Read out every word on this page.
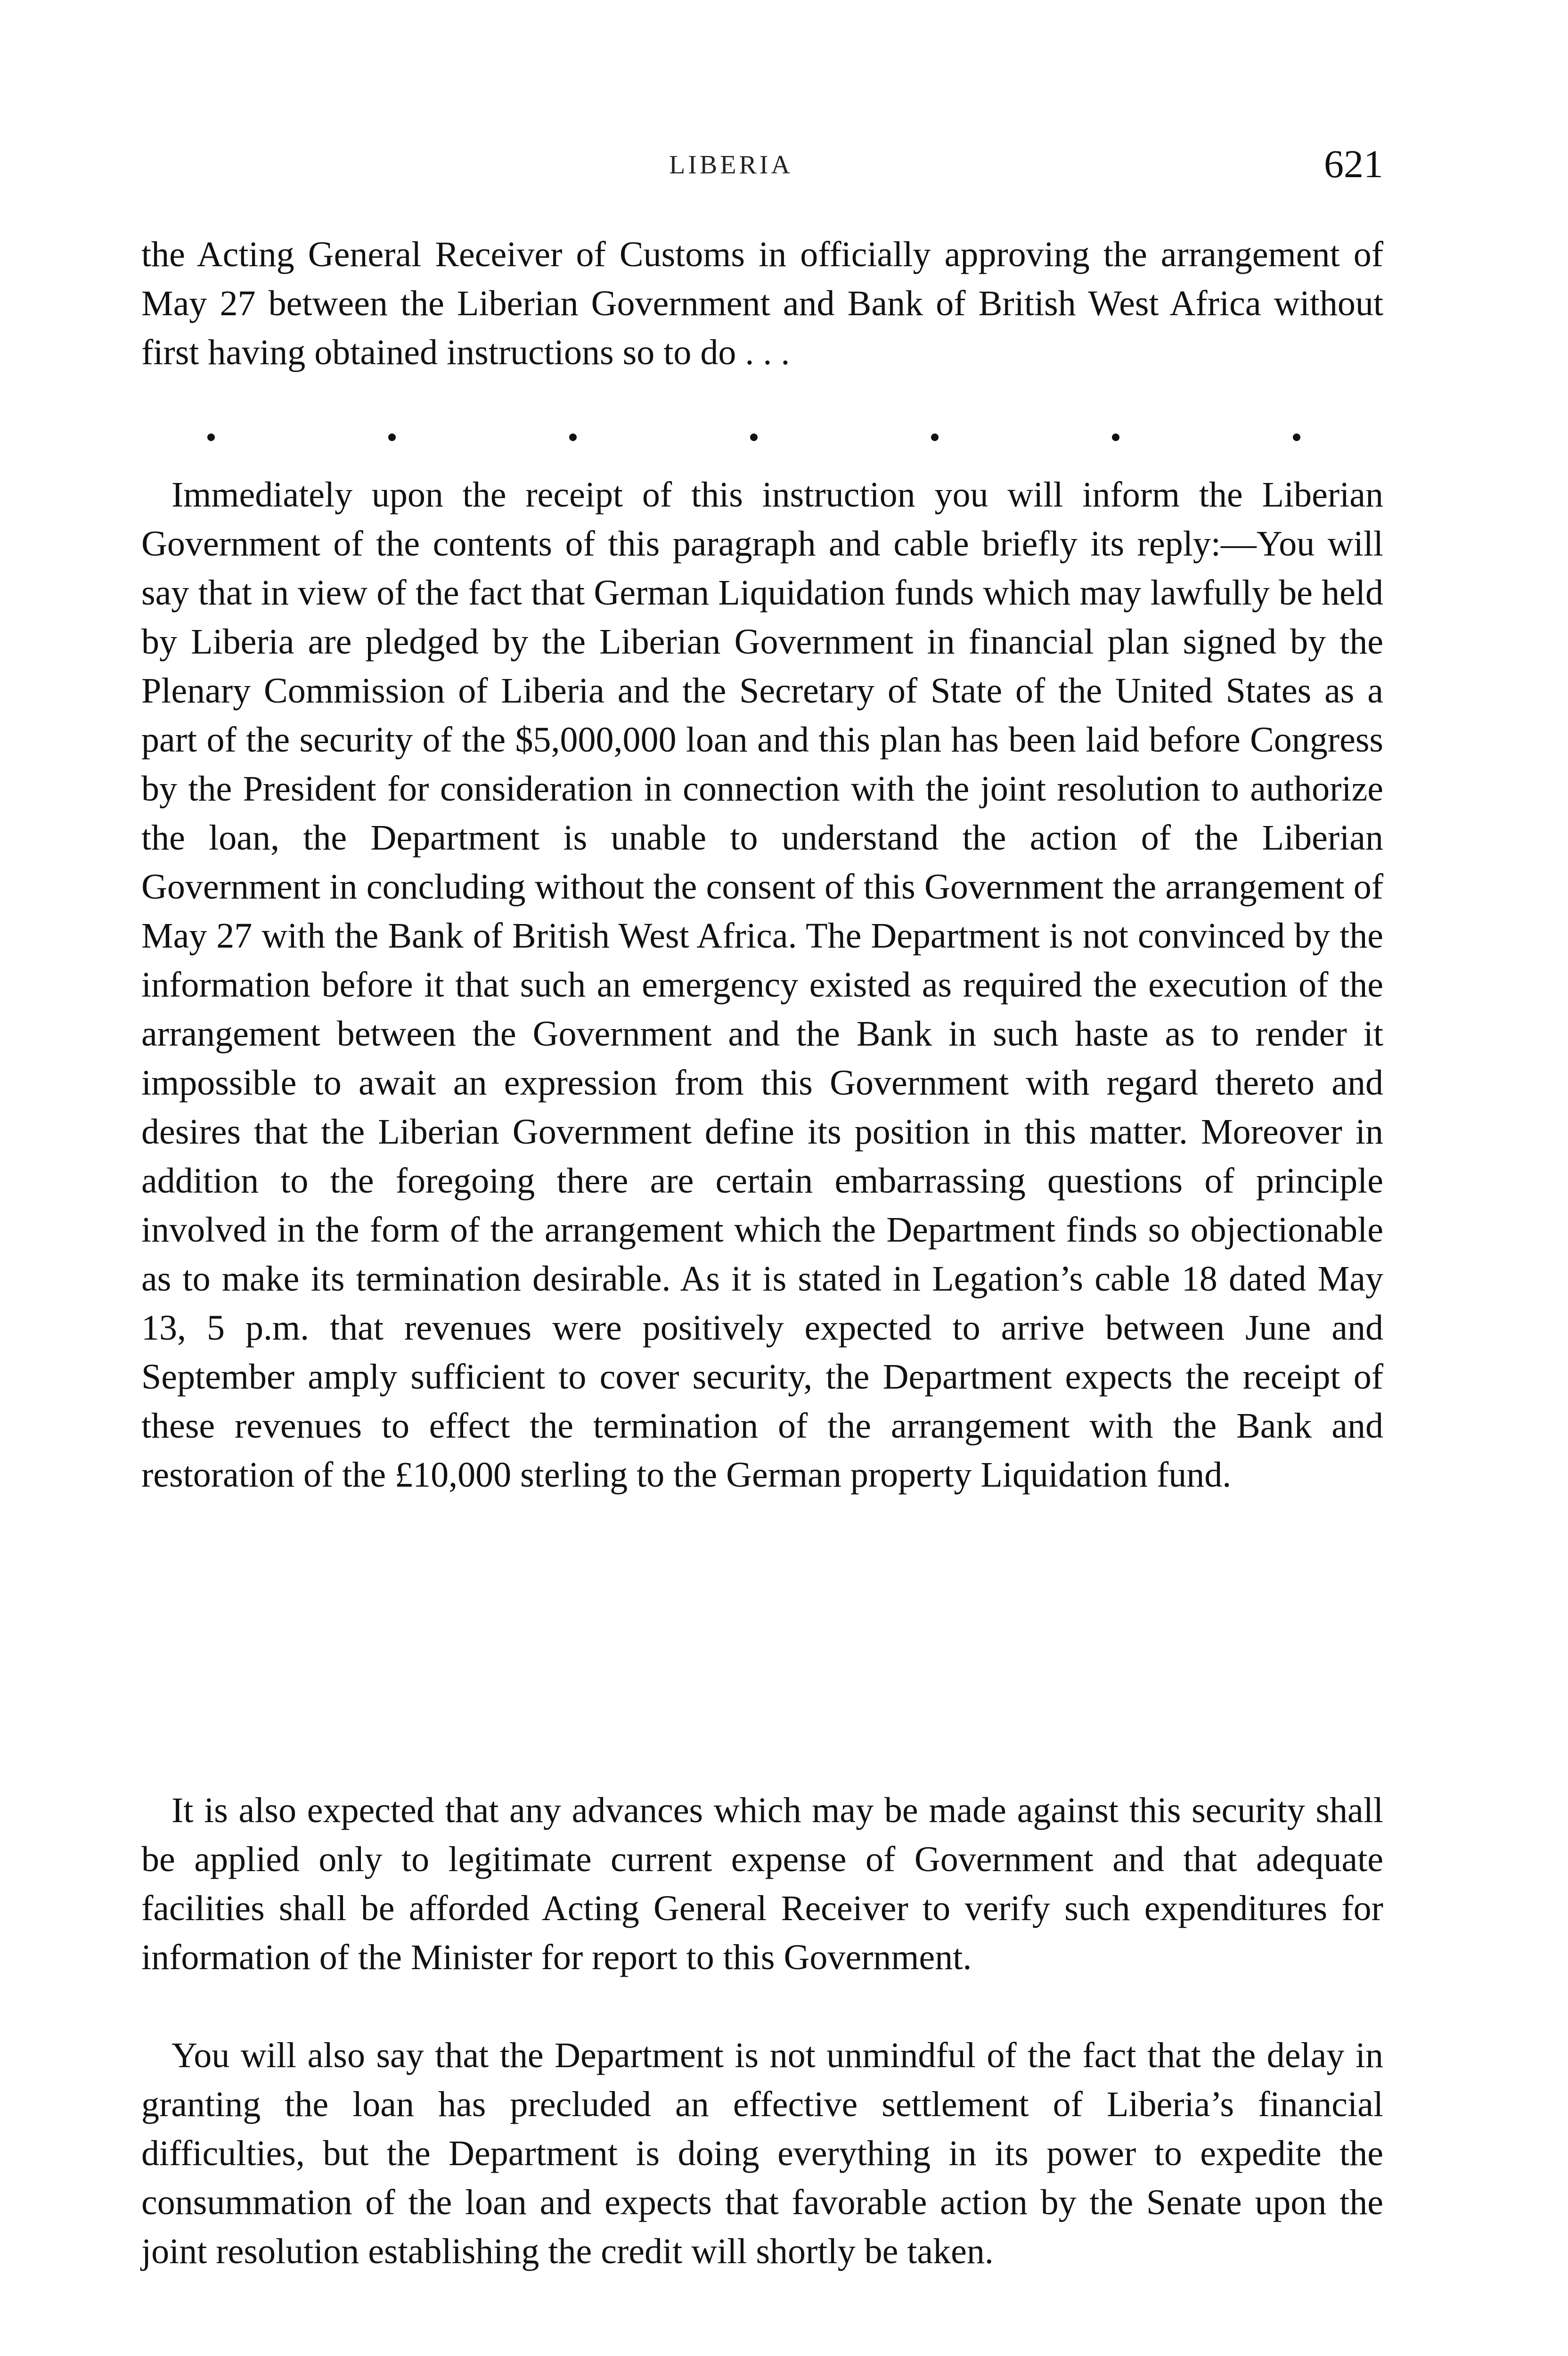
LIBERIA	621

the Acting General Receiver of Customs in officially approving the arrangement of May 27 between the Liberian Government and Bank of British West Africa without first having obtained instructions so to do . . .

Immediately upon the receipt of this instruction you will inform the Liberian Government of the contents of this paragraph and cable briefly its reply:—You will say that in view of the fact that German Liquidation funds which may lawfully be held by Liberia are pledged by the Liberian Government in financial plan signed by the Plenary Commission of Liberia and the Secretary of State of the United States as a part of the security of the $5,000,000 loan and this plan has been laid before Congress by the President for consideration in connection with the joint resolution to authorize the loan, the Department is unable to understand the action of the Liberian Government in concluding without the consent of this Government the arrangement of May 27 with the Bank of British West Africa. The Department is not convinced by the information before it that such an emergency existed as required the execution of the arrangement between the Government and the Bank in such haste as to render it impossible to await an expression from this Government with regard thereto and desires that the Liberian Government define its position in this matter. Moreover in addition to the foregoing there are certain embarrassing questions of principle involved in the form of the arrangement which the Department finds so objectionable as to make its termination desirable. As it is stated in Legation’s cable 18 dated May 13, 5 p.m. that revenues were positively expected to arrive between June and September amply sufficient to cover security, the Department expects the receipt of these revenues to effect the termination of the arrangement with the Bank and restoration of the £10,000 sterling to the German property Liquidation fund.

It is also expected that any advances which may be made against this security shall be applied only to legitimate current expense of Government and that adequate facilities shall be afforded Acting General Receiver to verify such expenditures for information of the Minister for report to this Government.

You will also say that the Department is not unmindful of the fact that the delay in granting the loan has precluded an effective settlement of Liberia’s financial difficulties, but the Department is doing everything in its power to expedite the consummation of the loan and expects that favorable action by the Senate upon the joint resolution establishing the credit will shortly be taken.
